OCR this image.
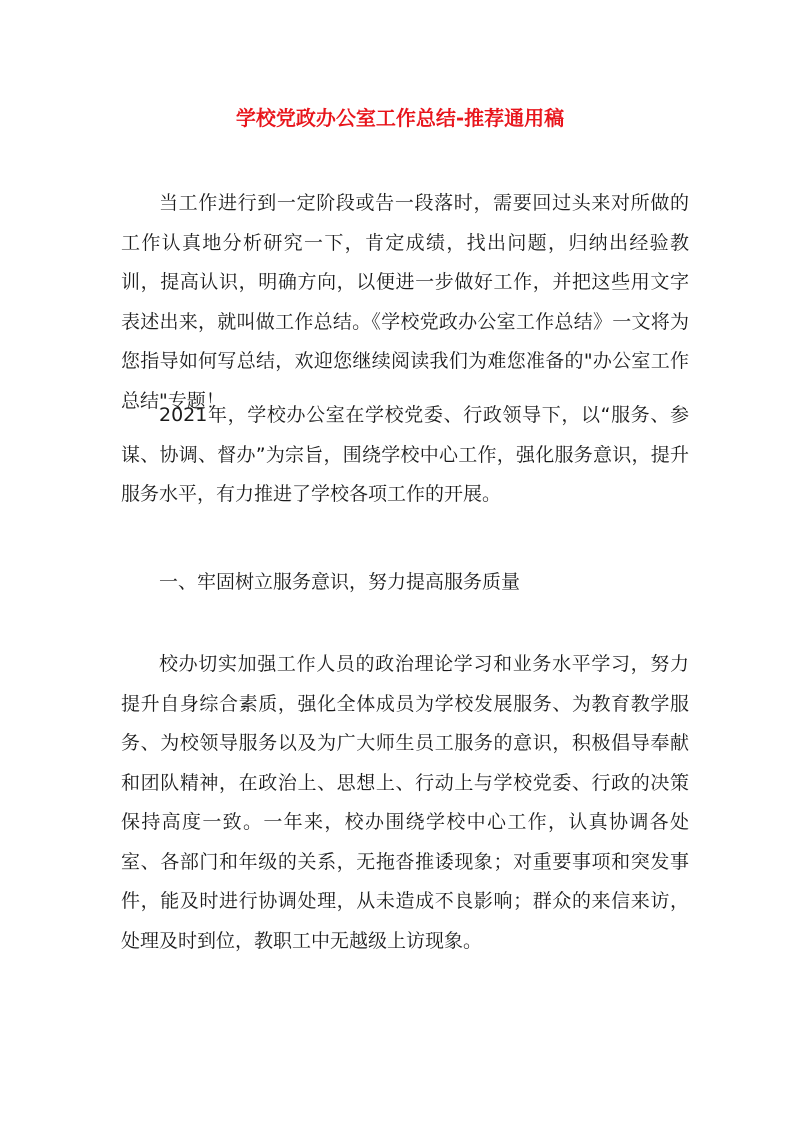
学校党政办公室工作总结-推荐通用稿

当工作进行到一定阶段或告一段落时，需要回过头来对所做的工作认真地分析研究一下，肯定成绩，找出问题，归纳出经验教训，提高认识，明确方向，以便进一步做好工作，并把这些用文字表述出来，就叫做工作总结。《学校党政办公室工作总结》一文将为您指导如何写总结，欢迎您继续阅读我们为难您准备的"办公室工作总结"专题！

2021年，学校办公室在学校党委、行政领导下，以“服务、参谋、协调、督办”为宗旨，围绕学校中心工作，强化服务意识，提升服务水平，有力推进了学校各项工作的开展。

一、牢固树立服务意识，努力提高服务质量

校办切实加强工作人员的政治理论学习和业务水平学习，努力提升自身综合素质，强化全体成员为学校发展服务、为教育教学服务、为校领导服务以及为广大师生员工服务的意识，积极倡导奉献和团队精神，在政治上、思想上、行动上与学校党委、行政的决策保持高度一致。一年来，校办围绕学校中心工作，认真协调各处室、各部门和年级的关系，无拖沓推诿现象；对重要事项和突发事件，能及时进行协调处理，从未造成不良影响；群众的来信来访，处理及时到位，教职工中无越级上访现象。
